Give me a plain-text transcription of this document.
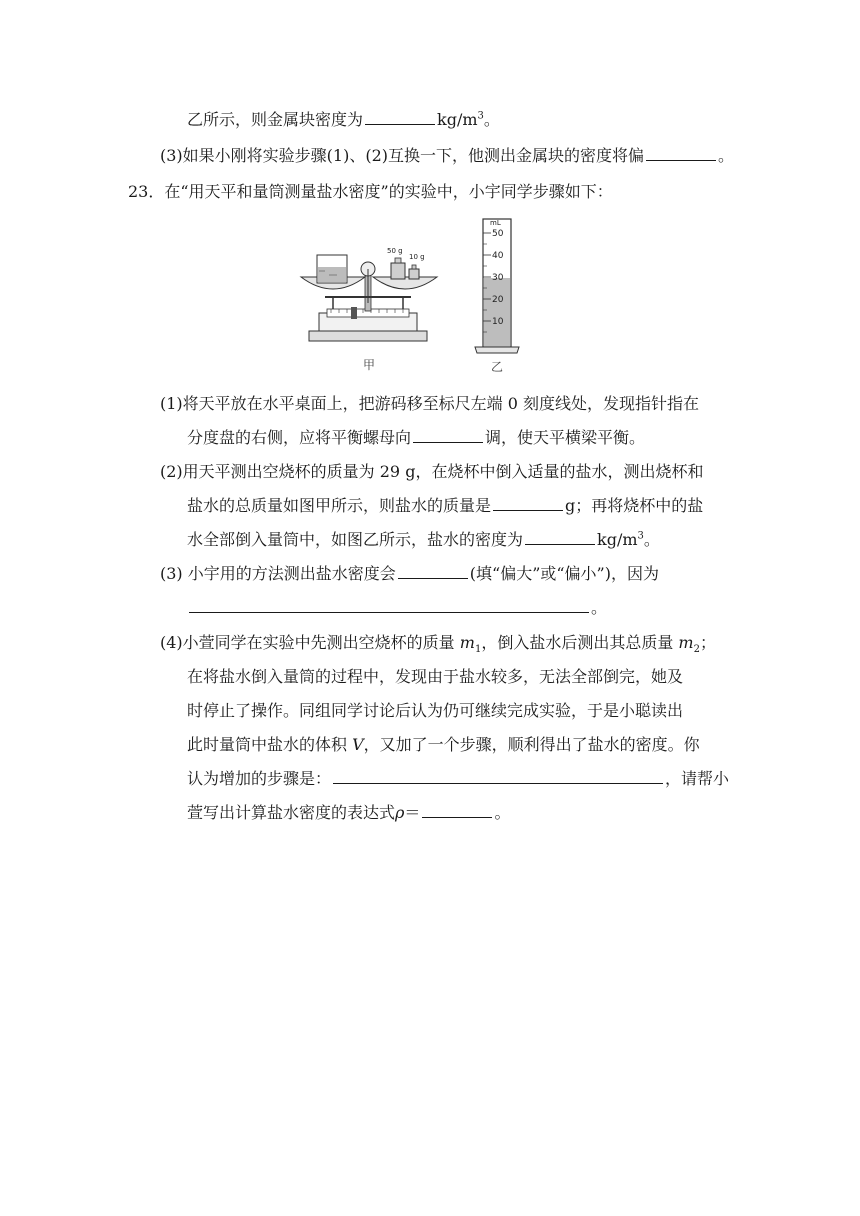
乙所示，则金属块密度为	$kg/m^3$。
(3)如果小刚将实验步骤(1)、(2)互换一下，他测出金属块的密度将偏	。
23．在“用天平和量筒测量盐水密度”的实验中，小宇同学步骤如下：
50 g
10 g
甲
mL
50
40
30
20
10
乙
(1)将天平放在水平桌面上，把游码移至标尺左端 0 刻度线处，发现指针指在
分度盘的右侧，应将平衡螺母向	调，使天平横梁平衡。
(2)用天平测出空烧杯的质量为 29 g，在烧杯中倒入适量的盐水，测出烧杯和
盐水的总质量如图甲所示，则盐水的质量是	g；再将烧杯中的盐
水全部倒入量筒中，如图乙所示，盐水的密度为	$kg/m^3$。
(3) 小宇用的方法测出盐水密度会	(填“偏大”或“偏小”)，因为
。
(4)小萱同学在实验中先测出空烧杯的质量 $m_1$，倒入盐水后测出其总质量 $m_2$；
在将盐水倒入量筒的过程中，发现由于盐水较多，无法全部倒完，她及
时停止了操作。同组同学讨论后认为仍可继续完成实验，于是小聪读出
此时量筒中盐水的体积 V，又加了一个步骤，顺利得出了盐水的密度。你
认为增加的步骤是：	，请帮小
萱写出计算盐水密度的表达式ρ＝	。
